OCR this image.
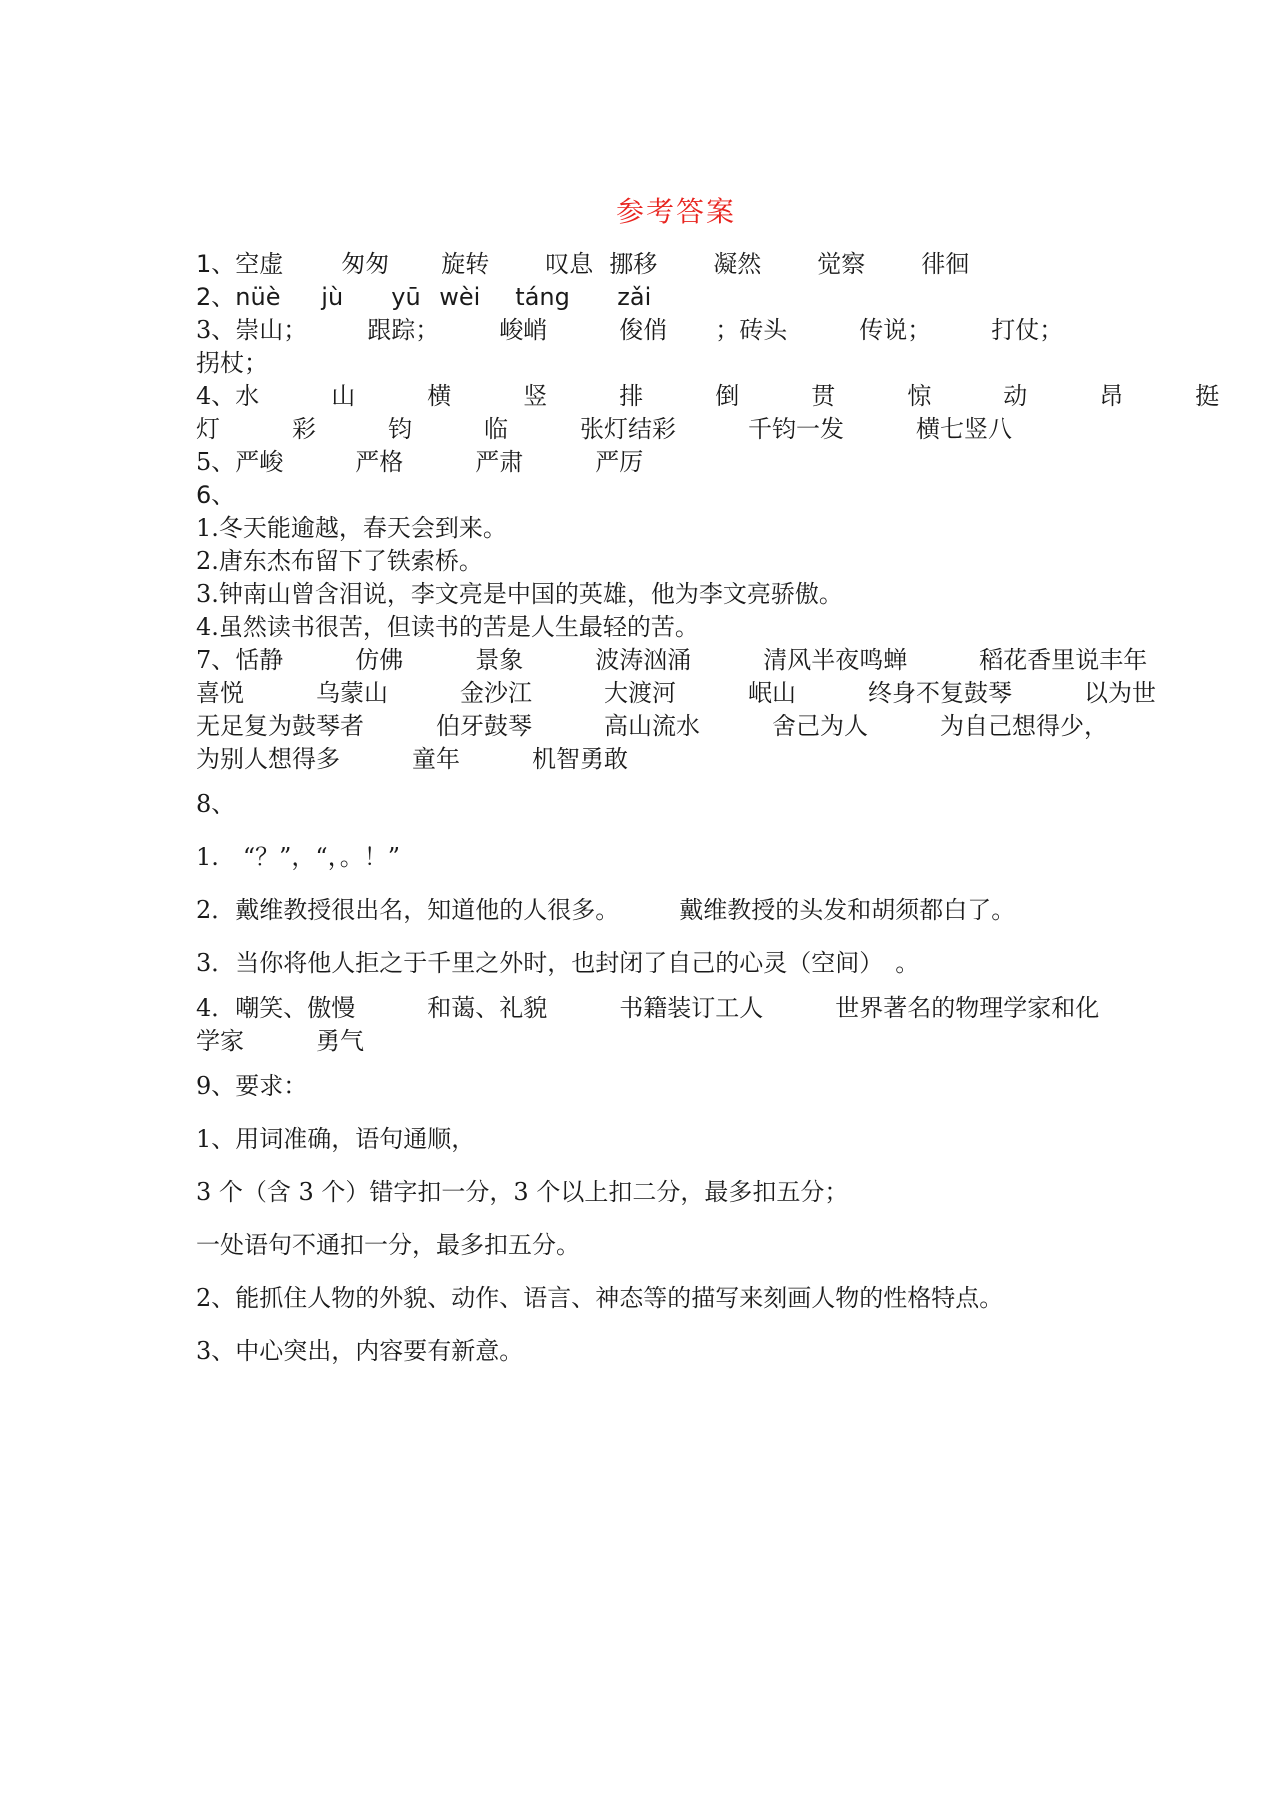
参考答案
1、 空虚	匆匆	旋转	叹息 挪移	凝然	觉察	徘徊
2、 nüè	jù	yū wèi	táng	zǎi
3、崇山；　　　跟踪；　　　峻峭　　　俊俏　　；砖头　　　传说；　　　打仗；
拐杖；
4、水　　　山　　　横　　　竖　　　排　　　倒　　　贯　　　惊　　　动　　　昂　　　挺
灯　　　彩　　　钧　　　临　　　张灯结彩　　　千钧一发　　　横七竖八
5、严峻　　　严格　　　严肃　　　严厉
6、
1.冬天能逾越，春天会到来。
2.唐东杰布留下了铁索桥。
3.钟南山曾含泪说，李文亮是中国的英雄，他为李文亮骄傲。
4.虽然读书很苦，但读书的苦是人生最轻的苦。
7、恬静　　　仿佛　　　景象　　　波涛汹涌　　　清风半夜鸣蝉　　　稻花香里说丰年
喜悦　　　乌蒙山　　　金沙江　　　大渡河　　　岷山　　　终身不复鼓琴　　　以为世
无足复为鼓琴者　　　伯牙鼓琴　　　高山流水　　　舍己为人　　　为自己想得少，
为别人想得多　　　童年　　　机智勇敢
8、
1.　“？”，“，。！”
2．戴维教授很出名，知道他的人很多。　　　戴维教授的头发和胡须都白了。
3．当你将他人拒之于千里之外时，也封闭了自己的心灵（空间）　。
4．嘲笑、傲慢　　　和蔼、礼貌　　　书籍装订工人　　　世界著名的物理学家和化
学家　　　勇气
9、要求：
1、用词准确，语句通顺，
3 个（含 3 个）错字扣一分，3 个以上扣二分，最多扣五分；
一处语句不通扣一分，最多扣五分。
2、能抓住人物的外貌、动作、语言、神态等的描写来刻画人物的性格特点。
3、中心突出，内容要有新意。
